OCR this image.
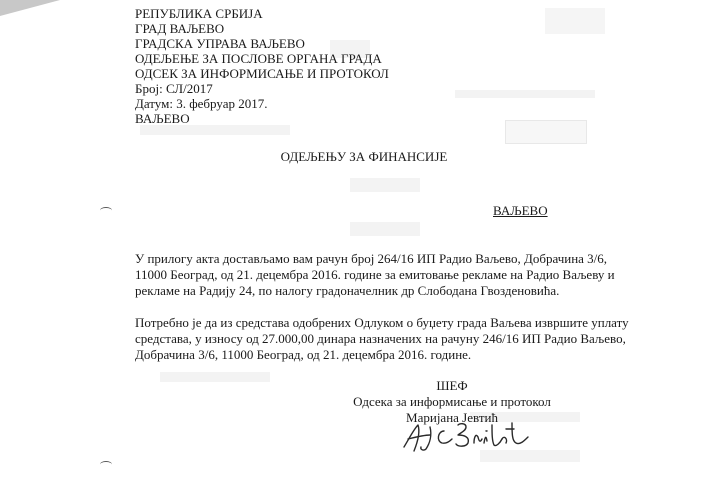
РЕПУБЛИКА СРБИЈА
ГРАД ВАЉЕВО
ГРАДСКА УПРАВА ВАЉЕВО
ОДЕЉЕЊЕ ЗА ПОСЛОВЕ ОРГАНА ГРАДА
ОДСЕК ЗА ИНФОРМИСАЊЕ И ПРОТОКОЛ
Број: СЛ/2017
Датум: 3. фебруар 2017.
ВАЉЕВО
ОДЕЉЕЊУ ЗА ФИНАНСИЈЕ
ВАЉЕВО
У прилогу акта достављамо вам рачун број 264/16 ИП Радио Ваљево, Добрачина 3/6,
11000 Београд, од 21. децембра 2016. године за емитовање рекламе на Радио Ваљеву и
рекламе на Радију 24, по налогу градоначелник др Слободана Гвозденовића.
Потребно је да из средстава одобрених Одлуком о буџету града Ваљева извршите уплату
средстава, у износу од 27.000,00 динара назначених на рачуну 246/16 ИП Радио Ваљево,
Добрачина 3/6, 11000 Београд, од 21. децембра 2016. године.
ШЕФ
Одсека за информисање и протокол
Маријана Јевтић
